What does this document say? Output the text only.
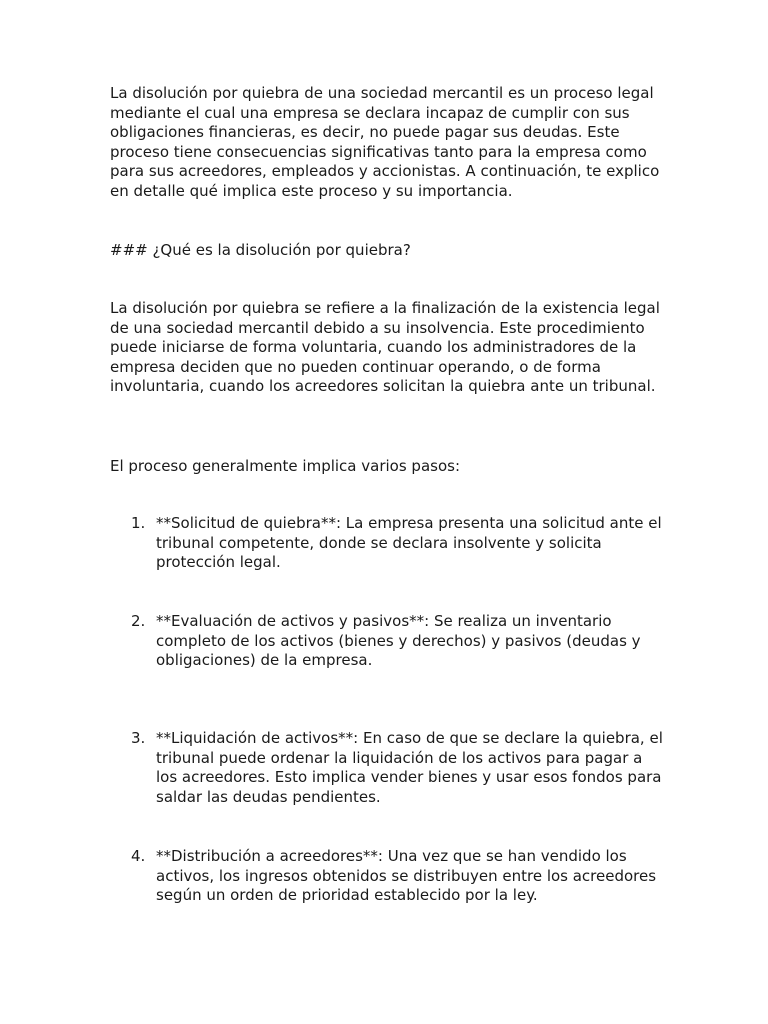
La disolución por quiebra de una sociedad mercantil es un proceso legal mediante el cual una empresa se declara incapaz de cumplir con sus obligaciones financieras, es decir, no puede pagar sus deudas. Este proceso tiene consecuencias significativas tanto para la empresa como para sus acreedores, empleados y accionistas. A continuación, te explico en detalle qué implica este proceso y su importancia.

### ¿Qué es la disolución por quiebra?

La disolución por quiebra se refiere a la finalización de la existencia legal de una sociedad mercantil debido a su insolvencia. Este procedimiento puede iniciarse de forma voluntaria, cuando los administradores de la empresa deciden que no pueden continuar operando, o de forma involuntaria, cuando los acreedores solicitan la quiebra ante un tribunal.

El proceso generalmente implica varios pasos:

1. **Solicitud de quiebra**: La empresa presenta una solicitud ante el tribunal competente, donde se declara insolvente y solicita protección legal.
2. **Evaluación de activos y pasivos**: Se realiza un inventario completo de los activos (bienes y derechos) y pasivos (deudas y obligaciones) de la empresa.
3. **Liquidación de activos**: En caso de que se declare la quiebra, el tribunal puede ordenar la liquidación de los activos para pagar a los acreedores. Esto implica vender bienes y usar esos fondos para saldar las deudas pendientes.
4. **Distribución a acreedores**: Una vez que se han vendido los activos, los ingresos obtenidos se distribuyen entre los acreedores según un orden de prioridad establecido por la ley.
